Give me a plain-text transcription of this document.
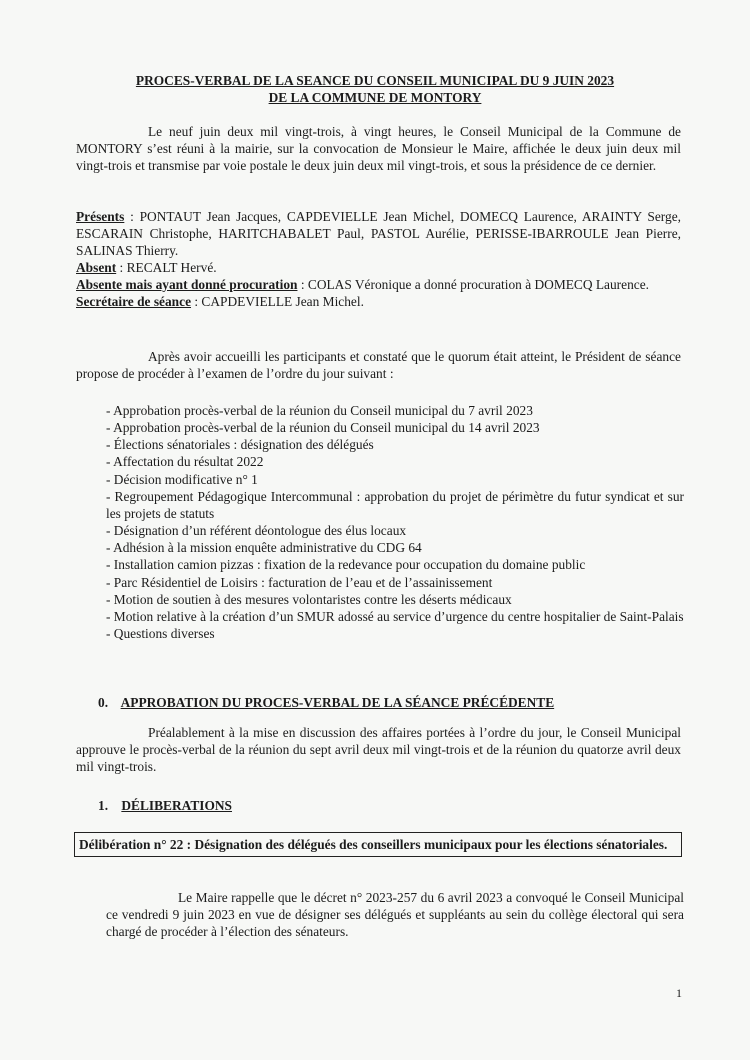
PROCES-VERBAL DE LA SEANCE DU CONSEIL MUNICIPAL DU 9 JUIN 2023
DE LA COMMUNE DE MONTORY
Le neuf juin deux mil vingt-trois, à vingt heures, le Conseil Municipal de la Commune de MONTORY s’est réuni à la mairie, sur la convocation de Monsieur le Maire, affichée le deux juin deux mil vingt-trois et transmise par voie postale le deux juin deux mil vingt-trois, et sous la présidence de ce dernier.

Présents : PONTAUT Jean Jacques, CAPDEVIELLE Jean Michel, DOMECQ Laurence, ARAINTY Serge, ESCARAIN Christophe, HARITCHABALET Paul, PASTOL Aurélie, PERISSE-IBARROULE Jean Pierre, SALINAS Thierry.

Absent : RECALT Hervé.

Absente mais ayant donné procuration : COLAS Véronique a donné procuration à DOMECQ Laurence.

Secrétaire de séance : CAPDEVIELLE Jean Michel.

Après avoir accueilli les participants et constaté que le quorum était atteint, le Président de séance propose de procéder à l’examen de l’ordre du jour suivant :
- Approbation procès-verbal de la réunion du Conseil municipal du 7 avril 2023
- Approbation procès-verbal de la réunion du Conseil municipal du 14 avril 2023
- Élections sénatoriales : désignation des délégués
- Affectation du résultat 2022
- Décision modificative n° 1
- Regroupement Pédagogique Intercommunal : approbation du projet de périmètre du futur syndicat et sur les projets de statuts
- Désignation d’un référent déontologue des élus locaux
- Adhésion à la mission enquête administrative du CDG 64
- Installation camion pizzas : fixation de la redevance pour occupation du domaine public
- Parc Résidentiel de Loisirs : facturation de l’eau et de l’assainissement
- Motion de soutien à des mesures volontaristes contre les déserts médicaux
- Motion relative à la création d’un SMUR adossé au service d’urgence du centre hospitalier de Saint-Palais
- Questions diverses
0. APPROBATION DU PROCES-VERBAL DE LA SÉANCE PRÉCÉDENTE
Préalablement à la mise en discussion des affaires portées à l’ordre du jour, le Conseil Municipal approuve le procès-verbal de la réunion du sept avril deux mil vingt-trois et de la réunion du quatorze avril deux mil vingt-trois.
1. DÉLIBERATIONS
Délibération n° 22 : Désignation des délégués des conseillers municipaux pour les élections sénatoriales.
Le Maire rappelle que le décret n° 2023-257 du 6 avril 2023 a convoqué le Conseil Municipal ce vendredi 9 juin 2023 en vue de désigner ses délégués et suppléants au sein du collège électoral qui sera chargé de procéder à l’élection des sénateurs.
1
